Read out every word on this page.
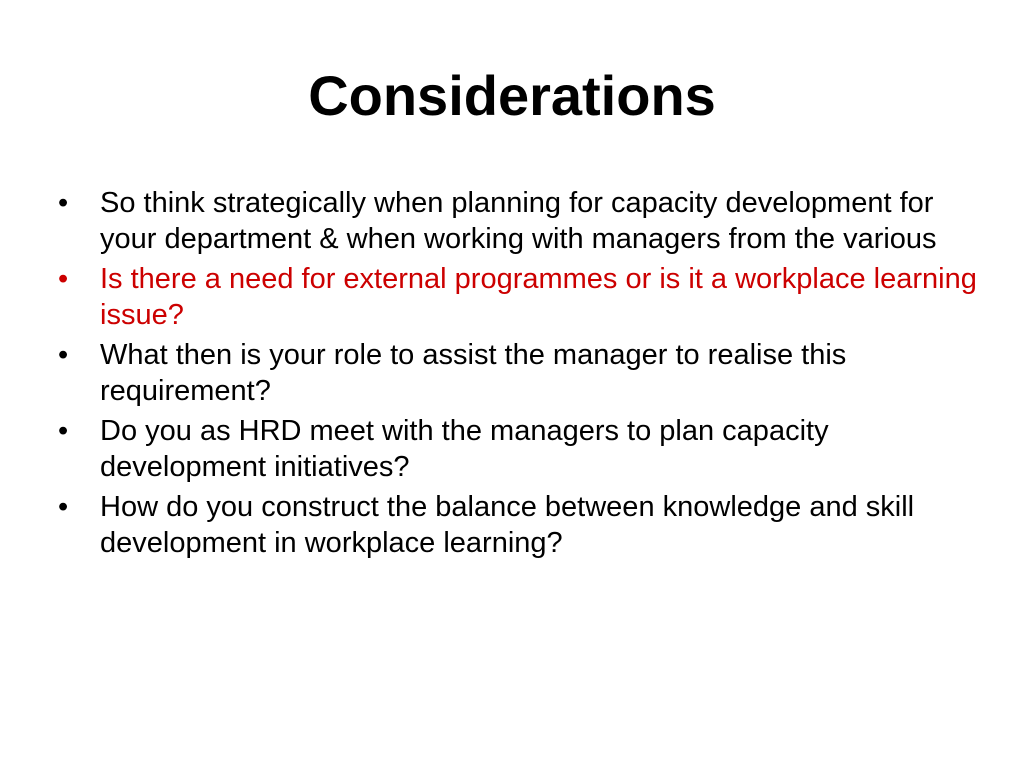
Considerations
•	So think strategically when planning for capacity development for your department & when working with managers from the various
•	Is there a need for external programmes or is it a workplace learning issue?
•	What then is your role to assist the manager to realise this requirement?
•	Do you as HRD meet with the managers to plan capacity development initiatives?
•	How do you construct the balance between knowledge and skill development in workplace learning?
